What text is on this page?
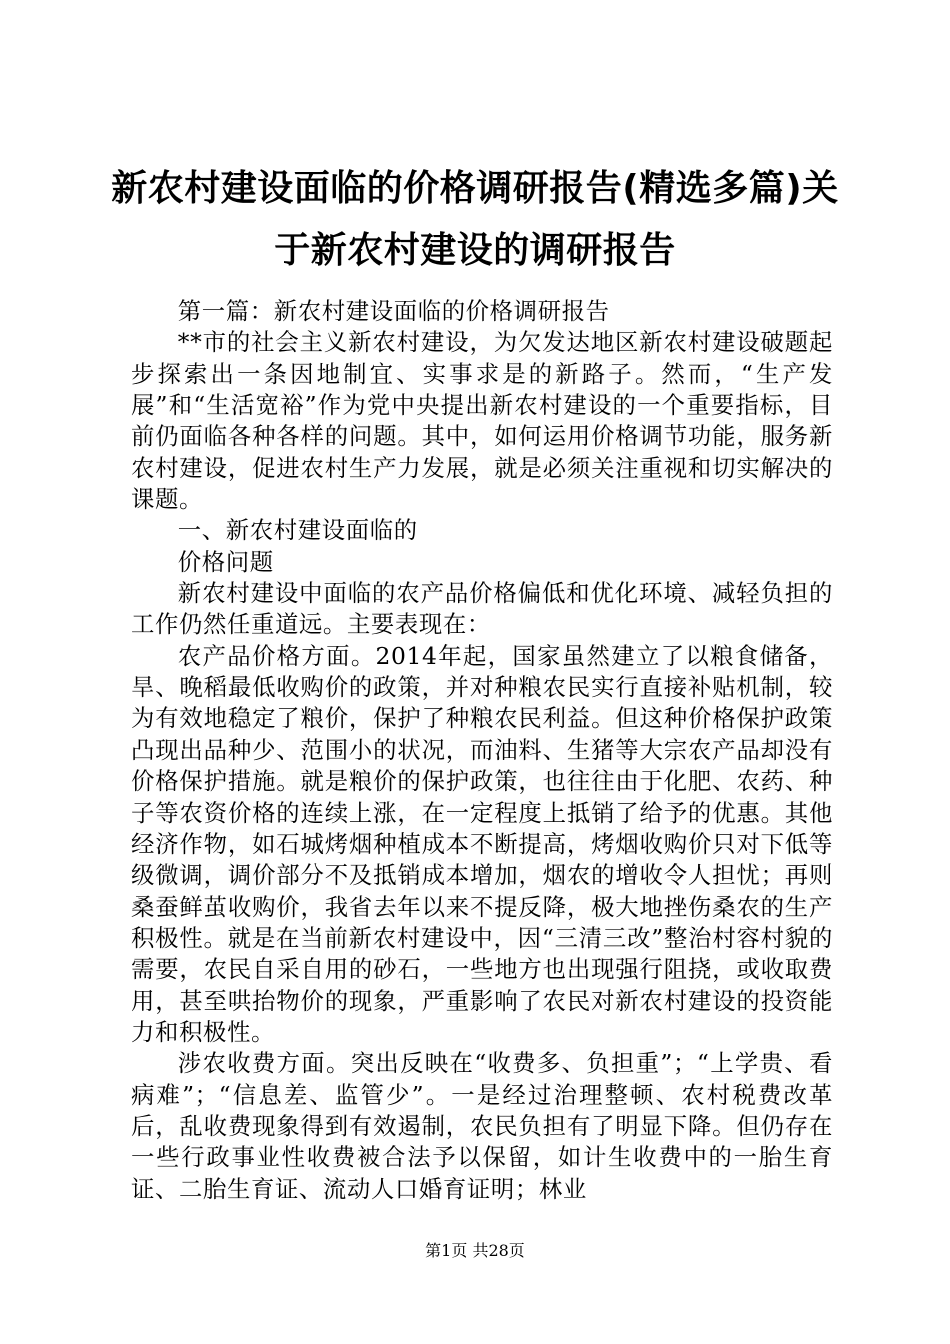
新农村建设面临的价格调研报告(精选多篇)关于新农村建设的调研报告

第一篇：新农村建设面临的价格调研报告

**市的社会主义新农村建设，为欠发达地区新农村建设破题起步探索出一条因地制宜、实事求是的新路子。然而，“生产发展”和“生活宽裕”作为党中央提出新农村建设的一个重要指标，目前仍面临各种各样的问题。其中，如何运用价格调节功能，服务新农村建设，促进农村生产力发展，就是必须关注重视和切实解决的课题。

一、新农村建设面临的

价格问题

新农村建设中面临的农产品价格偏低和优化环境、减轻负担的工作仍然任重道远。主要表现在：

农产品价格方面。2014年起，国家虽然建立了以粮食储备，旱、晚稻最低收购价的政策，并对种粮农民实行直接补贴机制，较为有效地稳定了粮价，保护了种粮农民利益。但这种价格保护政策凸现出品种少、范围小的状况，而油料、生猪等大宗农产品却没有价格保护措施。就是粮价的保护政策，也往往由于化肥、农药、种子等农资价格的连续上涨，在一定程度上抵销了给予的优惠。其他经济作物，如石城烤烟种植成本不断提高，烤烟收购价只对下低等级微调，调价部分不及抵销成本增加，烟农的增收令人担忧；再则桑蚕鲜茧收购价，我省去年以来不提反降，极大地挫伤桑农的生产积极性。就是在当前新农村建设中，因“三清三改”整治村容村貌的需要，农民自采自用的砂石，一些地方也出现强行阻挠，或收取费用，甚至哄抬物价的现象，严重影响了农民对新农村建设的投资能力和积极性。

涉农收费方面。突出反映在“收费多、负担重”；“上学贵、看病难”；“信息差、监管少”。一是经过治理整顿、农村税费改革后，乱收费现象得到有效遏制，农民负担有了明显下降。但仍存在一些行政事业性收费被合法予以保留，如计生收费中的一胎生育证、二胎生育证、流动人口婚育证明；林业

第1页 共28页
